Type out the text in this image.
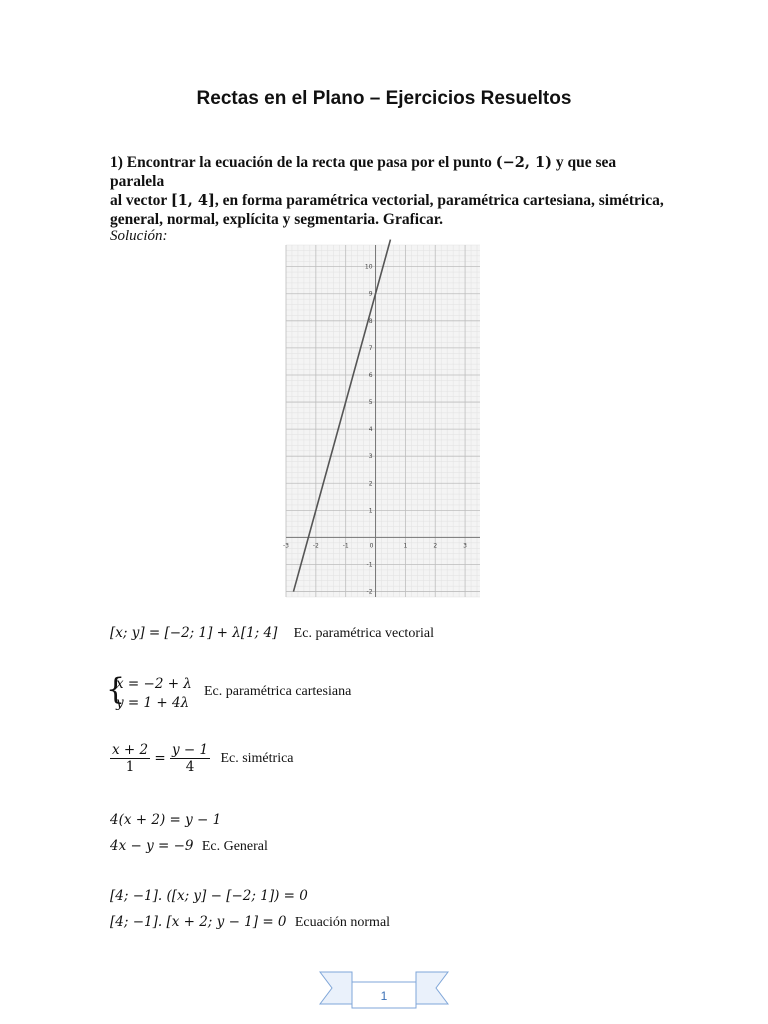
Rectas en el Plano – Ejercicios Resueltos
1) Encontrar la ecuación de la recta que pasa por el punto (−2, 1) y que sea paralela
al vector [1, 4], en forma paramétrica vectorial, paramétrica cartesiana, simétrica,
general, normal, explícita y segmentaria. Graficar.
Solución:
-3	-2	-1	0	1	2	3
10
9
8
7
6
5
4
3
2
1
-1
-2
[x; y] = [−2; 1] + λ[1; 4] Ec. paramétrica vectorial
{
x = −2 + λ
y = 1 + 4λ
Ec. paramétrica cartesiana
$\frac{x + 2}{1} = \frac{y - 1}{4} Ec$. simétrica
4(x + 2) = y − 1
4x − y = −9 Ec. General
[4; −1]. ([x; y] − [−2; 1]) = 0
[4; −1]. [x + 2; y − 1] = 0 Ecuación normal
1
